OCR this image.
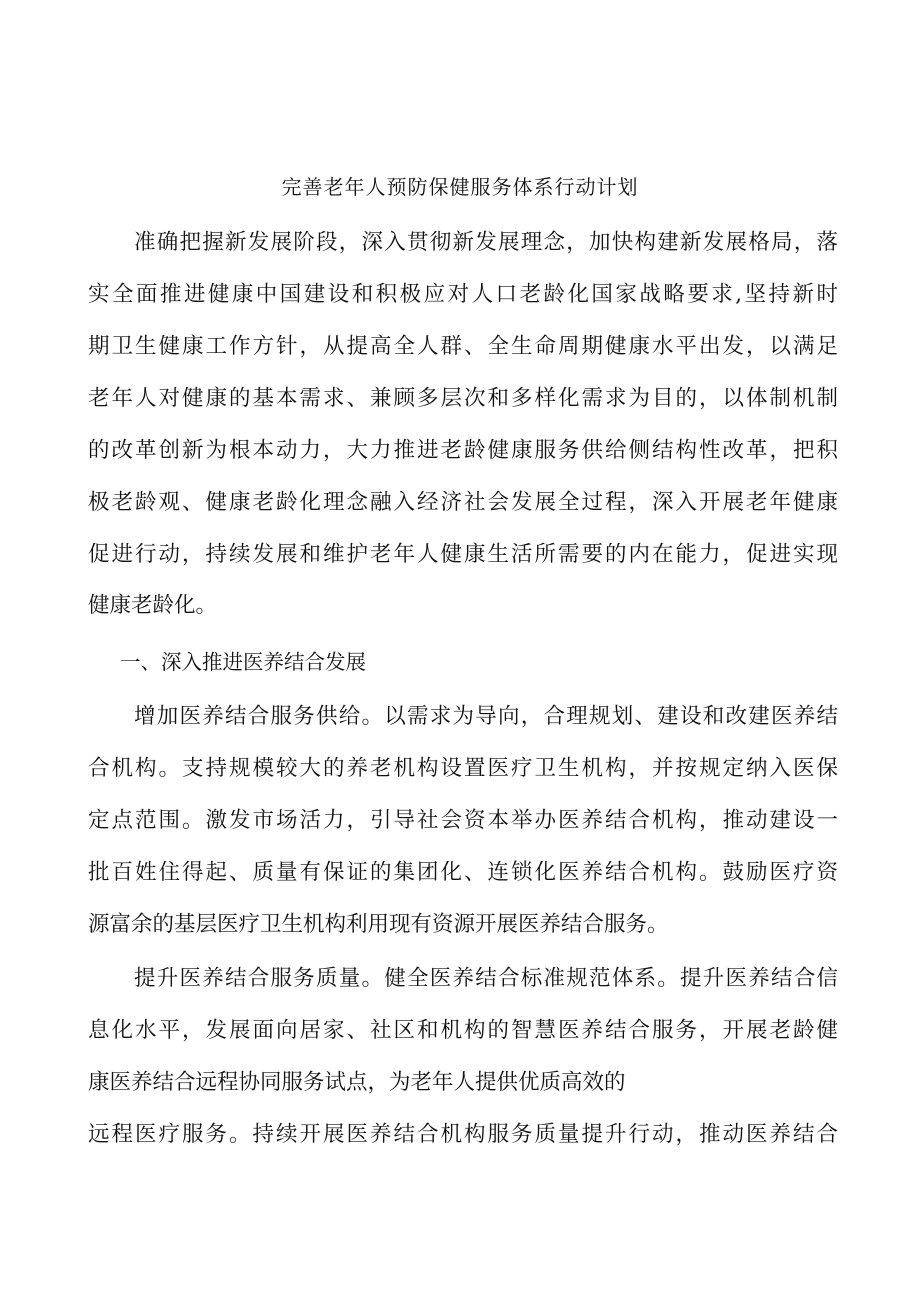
完善老年人预防保健服务体系行动计划
准确把握新发展阶段，深入贯彻新发展理念，加快构建新发展格局，落
实全面推进健康中国建设和积极应对人口老龄化国家战略要求,坚持新时
期卫生健康工作方针，从提高全人群、全生命周期健康水平出发，以满足
老年人对健康的基本需求、兼顾多层次和多样化需求为目的，以体制机制
的改革创新为根本动力，大力推进老龄健康服务供给侧结构性改革，把积
极老龄观、健康老龄化理念融入经济社会发展全过程，深入开展老年健康
促进行动，持续发展和维护老年人健康生活所需要的内在能力，促进实现
健康老龄化。
一、深入推进医养结合发展
增加医养结合服务供给。以需求为导向，合理规划、建设和改建医养结
合机构。支持规模较大的养老机构设置医疗卫生机构，并按规定纳入医保
定点范围。激发市场活力，引导社会资本举办医养结合机构，推动建设一
批百姓住得起、质量有保证的集团化、连锁化医养结合机构。鼓励医疗资
源富余的基层医疗卫生机构利用现有资源开展医养结合服务。
提升医养结合服务质量。健全医养结合标准规范体系。提升医养结合信
息化水平，发展面向居家、社区和机构的智慧医养结合服务，开展老龄健
康医养结合远程协同服务试点，为老年人提供优质高效的
远程医疗服务。持续开展医养结合机构服务质量提升行动，推动医养结合
